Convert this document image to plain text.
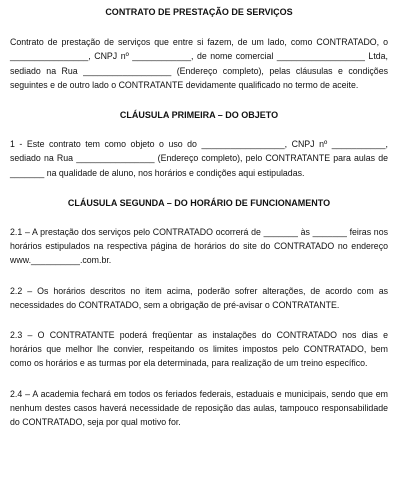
CONTRATO DE PRESTAÇÃO DE SERVIÇOS

Contrato de prestação de serviços que entre si fazem, de um lado, como CONTRATADO, o ________________, CNPJ nº ____________, de nome comercial __________________ Ltda, sediado na Rua __________________ (Endereço completo), pelas cláusulas e condições seguintes e de outro lado o CONTRATANTE devidamente qualificado no termo de aceite.

CLÁUSULA PRIMEIRA – DO OBJETO

1 - Este contrato tem como objeto o uso do _________________, CNPJ nº ___________, sediado na Rua ________________ (Endereço completo), pelo CONTRATANTE para aulas de _______ na qualidade de aluno, nos horários e condições aqui estipuladas.

CLÁUSULA SEGUNDA – DO HORÁRIO DE FUNCIONAMENTO

2.1 – A prestação dos serviços pelo CONTRATADO ocorrerá de _______ às _______ feiras nos horários estipulados na respectiva página de horários do site do CONTRATADO no endereço www.__________.com.br.

2.2 – Os horários descritos no item acima, poderão sofrer alterações, de acordo com as necessidades do CONTRATADO, sem a obrigação de pré-avisar o CONTRATANTE.

2.3 – O CONTRATANTE poderá freqüentar as instalações do CONTRATADO nos dias e horários que melhor lhe convier, respeitando os limites impostos pelo CONTRATADO, bem como os horários e as turmas por ela determinada, para realização de um treino específico.

2.4 – A academia fechará em todos os feriados federais, estaduais e municipais, sendo que em nenhum destes casos haverá necessidade de reposição das aulas, tampouco responsabilidade do CONTRATADO, seja por qual motivo for.
